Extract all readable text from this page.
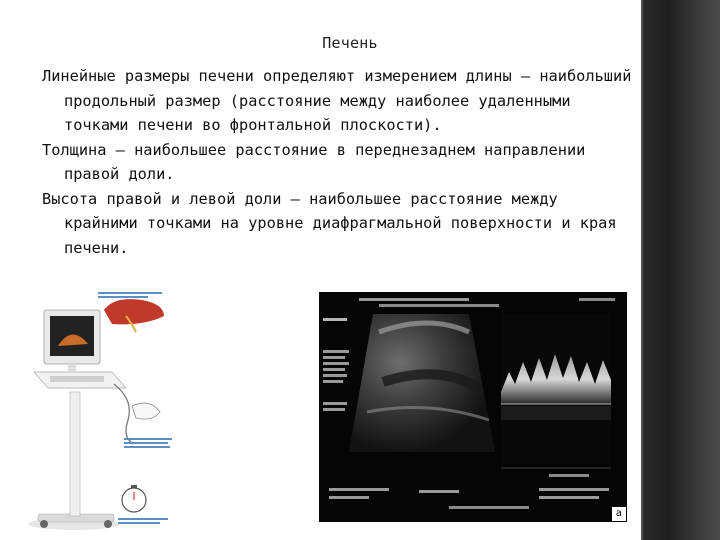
Печень

Линейные размеры печени определяют измерением длины – наибольший продольный размер (расстояние между наиболее удаленными точками печени во фронтальной плоскости).

Толщина – наибольшее расстояние в переднезаднем направлении правой доли.

Высота правой и левой доли – наибольшее расстояние между крайними точками на уровне диафрагмальной поверхности и края печени.

a
